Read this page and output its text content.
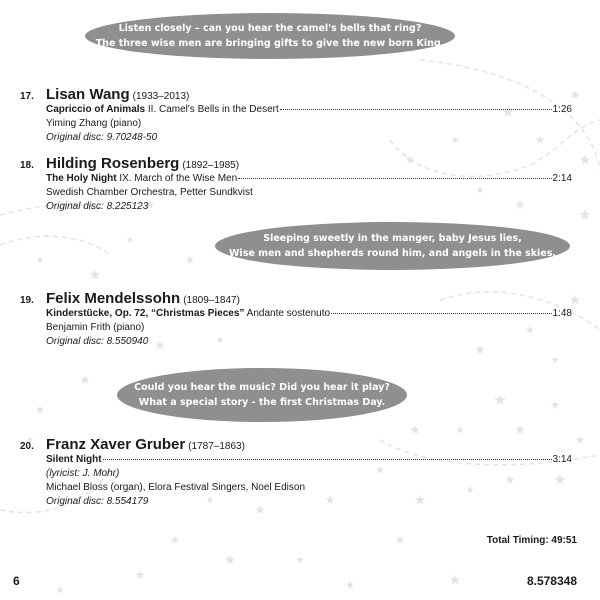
Listen closely – can you hear the camel's bells that ring?
The three wise men are bringing gifts to give the new born King.
Sleeping sweetly in the manger, baby Jesus lies,
Wise men and shepherds round him, and angels in the skies.
Could you hear the music? Did you hear it play?
What a special story - the first Christmas Day.
17. Lisan Wang (1933–2013)
Capriccio of Animals II. Camel's Bells in the Desert	1:26
Yiming Zhang (piano)
Original disc: 9.70248-50
18. Hilding Rosenberg (1892–1985)
The Holy Night IX. March of the Wise Men	2:14
Swedish Chamber Orchestra, Petter Sundkvist
Original disc: 8.225123
19. Felix Mendelssohn (1809–1847)
Kinderstücke, Op. 72, “Christmas Pieces” Andante sostenuto	1:48
Benjamin Frith (piano)
Original disc: 8.550940
20. Franz Xaver Gruber (1787–1863)
Silent Night	3:14
(lyricist: J. Mohr)
Michael Bloss (organ), Elora Festival Singers, Noel Edison
Original disc: 8.554179
Total Timing: 49:51
6	8.578348
